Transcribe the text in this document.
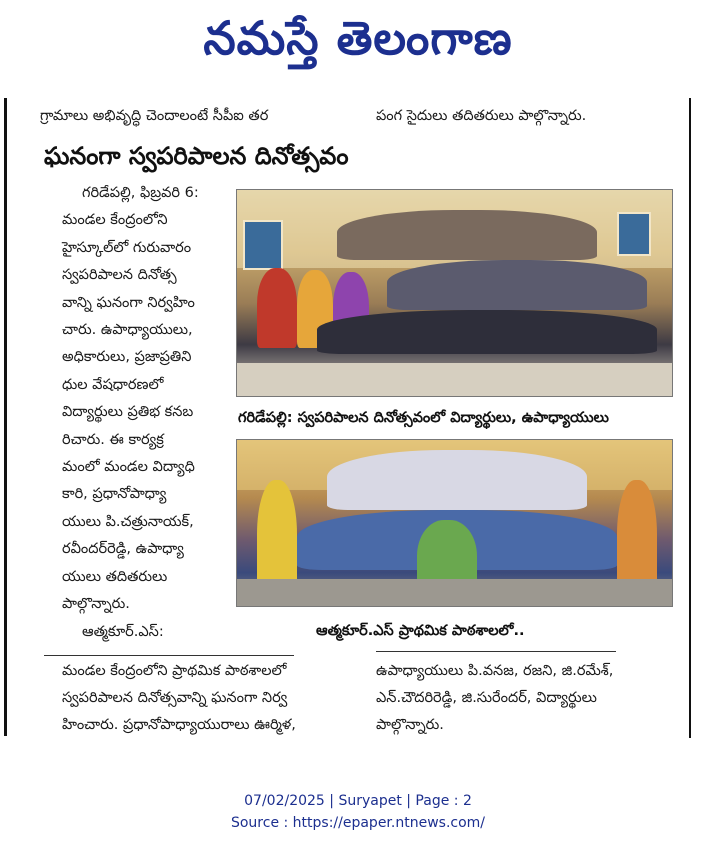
నమస్తే తెలంగాణ
గ్రామాలు అభివృద్ధి చెందాలంటే సీపీఐ తర	పంగ సైదులు తదితరులు పాల్గొన్నారు.
ఘనంగా స్వపరిపాలన దినోత్సవం
గరిడేపల్లి, ఫిబ్రవరి 6:
మండల కేంద్రంలోని
హైస్కూల్‌లో గురువారం
స్వపరిపాలన దినోత్స
వాన్ని ఘనంగా నిర్వహిం
చారు. ఉపాధ్యాయులు,
అధికారులు, ప్రజాప్రతిని
ధుల వేషధారణలో
విద్యార్థులు ప్రతిభ కనబ
రిచారు. ఈ కార్యక్ర
మంలో మండల విద్యాధి
కారి, ప్రధానోపాధ్యా
యులు పి.చత్రునాయక్,
రవీందర్‌రెడ్డి, ఉపాధ్యా
యులు తదితరులు
పాల్గొన్నారు.
ఆత్మకూర్.ఎస్:
గరిడేపల్లి: స్వపరిపాలన దినోత్సవంలో విద్యార్థులు, ఉపాధ్యాయులు
ఆత్మకూర్.ఎస్ ప్రాథమిక పాఠశాలలో..
మండల కేంద్రంలోని ప్రాథమిక పాఠశాలలో
స్వపరిపాలన దినోత్సవాన్ని ఘనంగా నిర్వ
హించారు. ప్రధానోపాధ్యాయురాలు ఊర్మిళ,
ఉపాధ్యాయులు పి.వనజ, రజని, జి.రమేశ్,
ఎన్.చౌదరిరెడ్డి, జి.సురేందర్, విద్యార్థులు
పాల్గొన్నారు.
07/02/2025 | Suryapet | Page : 2
Source : https://epaper.ntnews.com/
